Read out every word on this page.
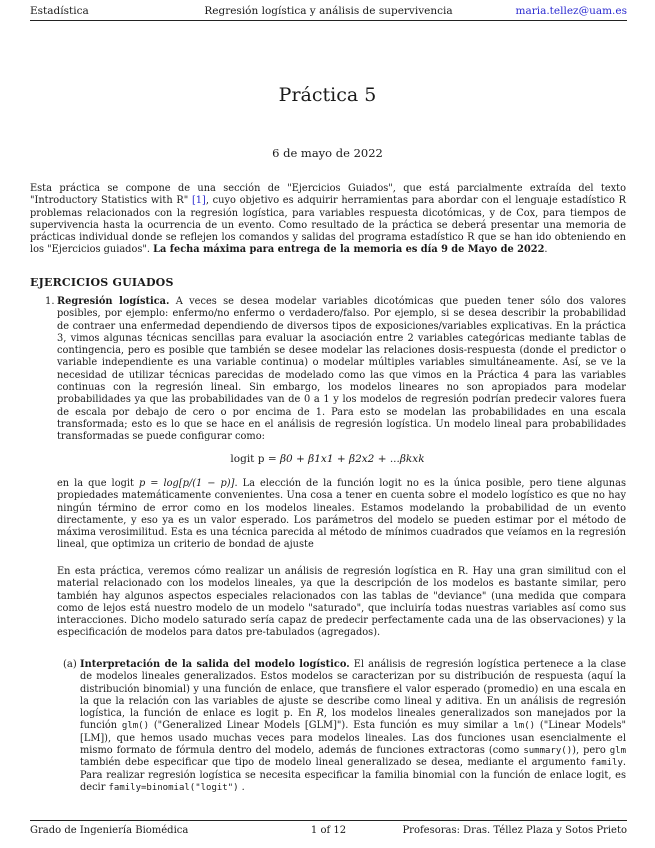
Estadística	Regresión logística y análisis de supervivencia	maria.tellez@uam.es
Práctica 5
6 de mayo de 2022
Esta práctica se compone de una sección de "Ejercicios Guiados", que está parcialmente extraída del texto "Introductory Statistics with R" [1], cuyo objetivo es adquirir herramientas para abordar con el lenguaje estadístico R problemas relacionados con la regresión logística, para variables respuesta dicotómicas, y de Cox, para tiempos de supervivencia hasta la ocurrencia de un evento. Como resultado de la práctica se deberá presentar una memoria de prácticas individual donde se reflejen los comandos y salidas del programa estadístico R que se han ido obteniendo en los "Ejercicios guiados". La fecha máxima para entrega de la memoria es día 9 de Mayo de 2022.
EJERCICIOS GUIADOS
1. Regresión logística. A veces se desea modelar variables dicotómicas que pueden tener sólo dos valores posibles, por ejemplo: enfermo/no enfermo o verdadero/falso. Por ejemplo, si se desea describir la probabilidad de contraer una enfermedad dependiendo de diversos tipos de exposiciones/variables explicativas. En la práctica 3, vimos algunas técnicas sencillas para evaluar la asociación entre 2 variables categóricas mediante tablas de contingencia, pero es posible que también se desee modelar las relaciones dosis-respuesta (donde el predictor o variable independiente es una variable continua) o modelar múltiples variables simultáneamente. Así, se ve la necesidad de utilizar técnicas parecidas de modelado como las que vimos en la Práctica 4 para las variables continuas con la regresión lineal. Sin embargo, los modelos lineares no son apropiados para modelar probabilidades ya que las probabilidades van de 0 a 1 y los modelos de regresión podrían predecir valores fuera de escala por debajo de cero o por encima de 1. Para esto se modelan las probabilidades en una escala transformada; esto es lo que se hace en el análisis de regresión logística. Un modelo lineal para probabilidades transformadas se puede configurar como:
logit p = β0 + β1x1 + β2x2 + ...βkxk
en la que logit p = log[p/(1 − p)]. La elección de la función logit no es la única posible, pero tiene algunas propiedades matemáticamente convenientes. Una cosa a tener en cuenta sobre el modelo logístico es que no hay ningún término de error como en los modelos lineales. Estamos modelando la probabilidad de un evento directamente, y eso ya es un valor esperado. Los parámetros del modelo se pueden estimar por el método de máxima verosimilitud. Esta es una técnica parecida al método de mínimos cuadrados que veíamos en la regresión lineal, que optimiza un criterio de bondad de ajuste
En esta práctica, veremos cómo realizar un análisis de regresión logística en R. Hay una gran similitud con el material relacionado con los modelos lineales, ya que la descripción de los modelos es bastante similar, pero también hay algunos aspectos especiales relacionados con las tablas de "deviance" (una medida que compara como de lejos está nuestro modelo de un modelo "saturado", que incluiría todas nuestras variables así como sus interacciones. Dicho modelo saturado sería capaz de predecir perfectamente cada una de las observaciones) y la especificación de modelos para datos pre-tabulados (agregados).
(a) Interpretación de la salida del modelo logístico. El análisis de regresión logística pertenece a la clase de modelos lineales generalizados. Estos modelos se caracterizan por su distribución de respuesta (aquí la distribución binomial) y una función de enlace, que transfiere el valor esperado (promedio) en una escala en la que la relación con las variables de ajuste se describe como lineal y aditiva. En un análisis de regresión logística, la función de enlace es logit p. En R, los modelos lineales generalizados son manejados por la función glm() ("Generalized Linear Models [GLM]"). Esta función es muy similar a lm() ("Linear Models" [LM]), que hemos usado muchas veces para modelos lineales. Las dos funciones usan esencialmente el mismo formato de fórmula dentro del modelo, además de funciones extractoras (como summary()), pero glm también debe especificar que tipo de modelo lineal generalizado se desea, mediante el argumento family. Para realizar regresión logística se necesita especificar la familia binomial con la función de enlace logit, es decir family=binomial("logit") .
Grado de Ingeniería Biomédica	1 of 12	Profesoras: Dras. Téllez Plaza y Sotos Prieto
